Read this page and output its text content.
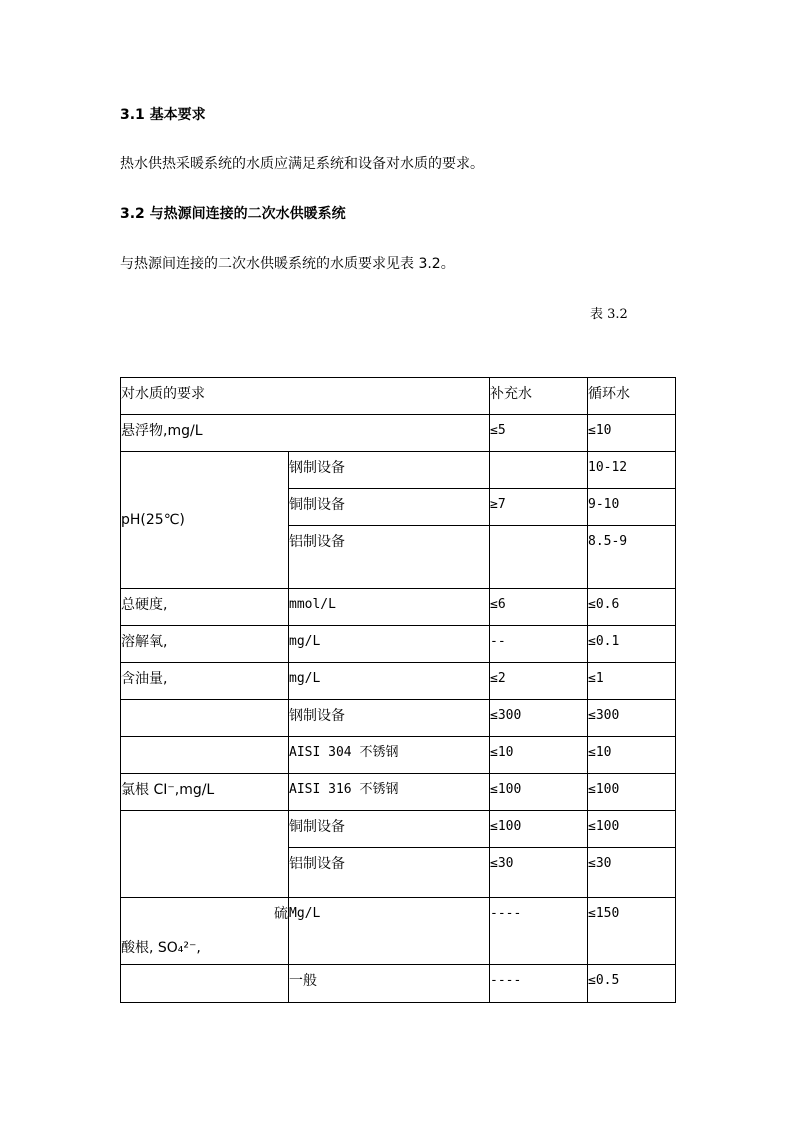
3.1 基本要求
热水供热采暖系统的水质应满足系统和设备对水质的要求。
3.2 与热源间连接的二次水供暖系统
与热源间连接的二次水供暖系统的水质要求见表 3.2。
表 3.2
对水质的要求		补充水	循环水

悬浮物,mg/L		≤5	≤10

pH(25℃)	钢制设备		10-12

	铜制设备	≥7	9-10

	铝制设备		8.5-9

总硬度,	mmol/L	≤6	≤0.6

溶解氧,	mg/L	--	≤0.1

含油量,	mg/L	≤2	≤1

	钢制设备	≤300	≤300

	AISI 304 不锈钢	≤10	≤10

氯根 CI⁻,mg/L	AISI 316 不锈钢	≤100	≤100

	铜制设备	≤100	≤100

	铝制设备	≤30	≤30

硫
酸根, SO₄²⁻,	Mg/L	----	≤150

	一般	----	≤0.5
